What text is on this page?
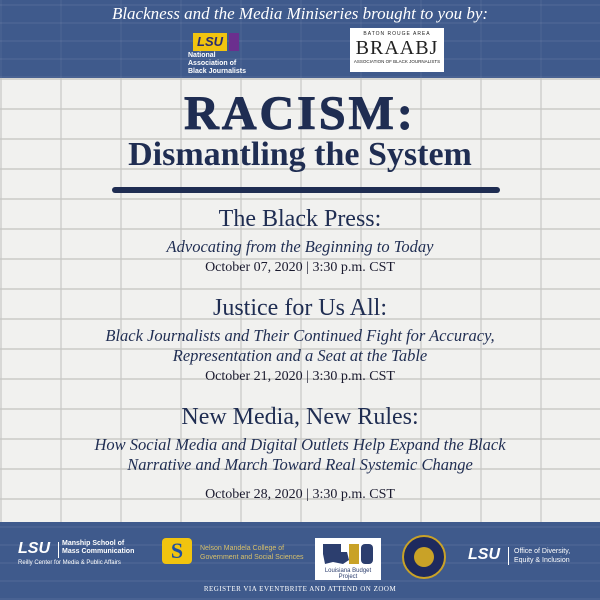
Blackness and the Media Miniseries brought to you by:
LSU
National Association of
Black Journalists
BATON ROUGE AREA
BRAABJ
ASSOCIATION OF BLACK JOURNALISTS
RACISM:
Dismantling the System
The Black Press:
Advocating from the Beginning to Today
October 07, 2020 | 3:30 p.m. CST
Justice for Us All:
Black Journalists and Their Continued Fight for Accuracy,
Representation and a Seat at the Table
October 21, 2020 | 3:30 p.m. CST
New Media, New Rules:
How Social Media and Digital Outlets Help Expand the Black
Narrative and March Toward Real Systemic Change
October 28, 2020 | 3:30 p.m. CST
LSU Manship School of
Mass Communication
Reilly Center for Media & Public Affairs	S	Nelson Mandela College of
Government and Social Sciences
Louisiana Budget Project
LSU Office of Diversity,
Equity & Inclusion
REGISTER VIA EVENTBRITE AND ATTEND ON ZOOM
